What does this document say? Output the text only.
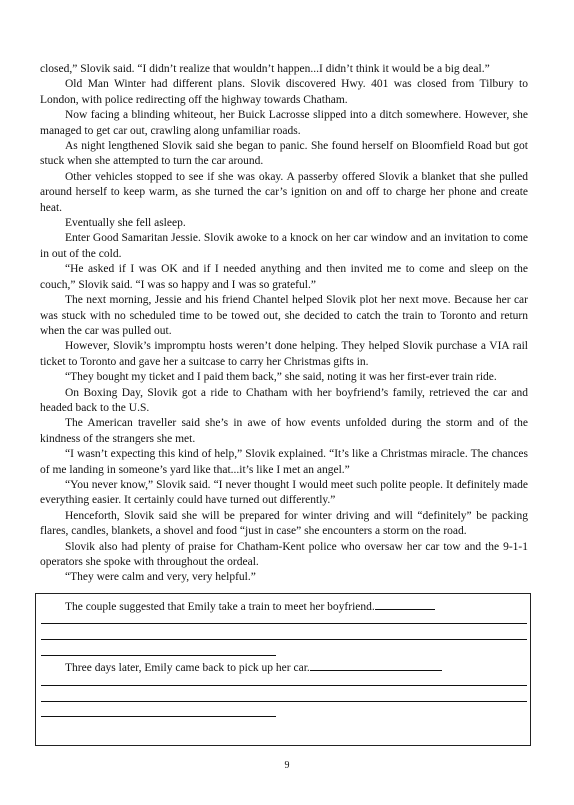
closed,” Slovik said. “I didn’t realize that wouldn’t happen...I didn’t think it would be a big deal.”

Old Man Winter had different plans. Slovik discovered Hwy. 401 was closed from Tilbury to London, with police redirecting off the highway towards Chatham.

Now facing a blinding whiteout, her Buick Lacrosse slipped into a ditch somewhere. However, she managed to get car out, crawling along unfamiliar roads.

As night lengthened Slovik said she began to panic. She found herself on Bloomfield Road but got stuck when she attempted to turn the car around.

Other vehicles stopped to see if she was okay. A passerby offered Slovik a blanket that she pulled around herself to keep warm, as she turned the car’s ignition on and off to charge her phone and create heat.

Eventually she fell asleep.

Enter Good Samaritan Jessie. Slovik awoke to a knock on her car window and an invitation to come in out of the cold.

“He asked if I was OK and if I needed anything and then invited me to come and sleep on the couch,” Slovik said. “I was so happy and I was so grateful.”

The next morning, Jessie and his friend Chantel helped Slovik plot her next move. Because her car was stuck with no scheduled time to be towed out, she decided to catch the train to Toronto and return when the car was pulled out.

However, Slovik’s impromptu hosts weren’t done helping. They helped Slovik purchase a VIA rail ticket to Toronto and gave her a suitcase to carry her Christmas gifts in.

“They bought my ticket and I paid them back,” she said, noting it was her first-ever train ride.

On Boxing Day, Slovik got a ride to Chatham with her boyfriend’s family, retrieved the car and headed back to the U.S.

The American traveller said she’s in awe of how events unfolded during the storm and of the kindness of the strangers she met.

“I wasn’t expecting this kind of help,” Slovik explained. “It’s like a Christmas miracle. The chances of me landing in someone’s yard like that...it’s like I met an angel.”

“You never know,” Slovik said. “I never thought I would meet such polite people. It definitely made everything easier. It certainly could have turned out differently.”

Henceforth, Slovik said she will be prepared for winter driving and will “definitely” be packing flares, candles, blankets, a shovel and food “just in case” she encounters a storm on the road.

Slovik also had plenty of praise for Chatham-Kent police who oversaw her car tow and the 9-1-1 operators she spoke with throughout the ordeal.

“They were calm and very, very helpful.”

The couple suggested that Emily take a train to meet her boyfriend.
Three days later, Emily came back to pick up her car.
9
